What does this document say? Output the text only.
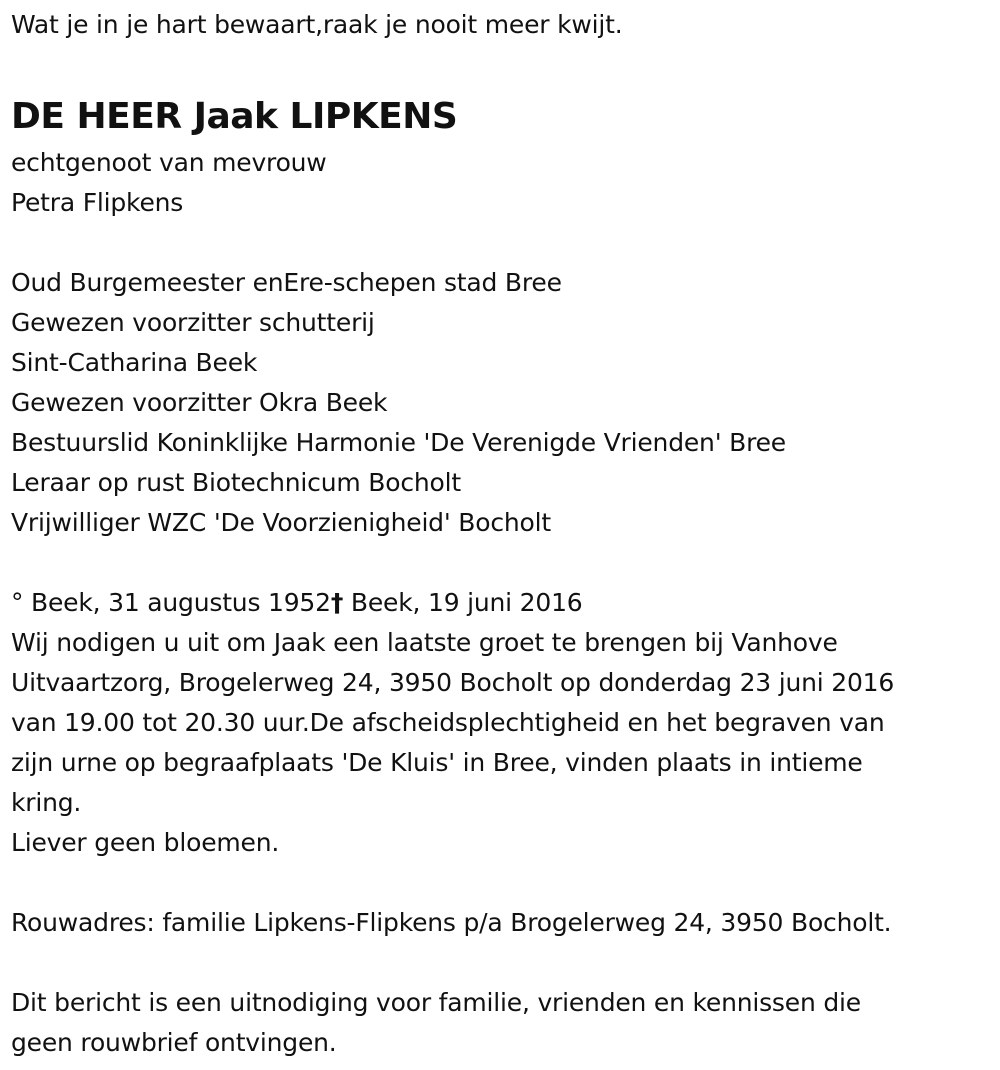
Wat je in je hart bewaart,raak je nooit meer kwijt.
DE HEER Jaak LIPKENS
echtgenoot van mevrouw
Petra Flipkens
Oud Burgemeester enEre-schepen stad Bree
Gewezen voorzitter schutterij
Sint-Catharina Beek
Gewezen voorzitter Okra Beek
Bestuurslid Koninklijke Harmonie 'De Verenigde Vrienden' Bree
Leraar op rust Biotechnicum Bocholt
Vrijwilliger WZC 'De Voorzienigheid' Bocholt
° Beek, 31 augustus 1952† Beek, 19 juni 2016
Wij nodigen u uit om Jaak een laatste groet te brengen bij Vanhove
Uitvaartzorg, Brogelerweg 24, 3950 Bocholt op donderdag 23 juni 2016
van 19.00 tot 20.30 uur.De afscheidsplechtigheid en het begraven van
zijn urne op begraafplaats 'De Kluis' in Bree, vinden plaats in intieme
kring.
Liever geen bloemen.
Rouwadres: familie Lipkens-Flipkens p/a Brogelerweg 24, 3950 Bocholt.
Dit bericht is een uitnodiging voor familie, vrienden en kennissen die
geen rouwbrief ontvingen.
